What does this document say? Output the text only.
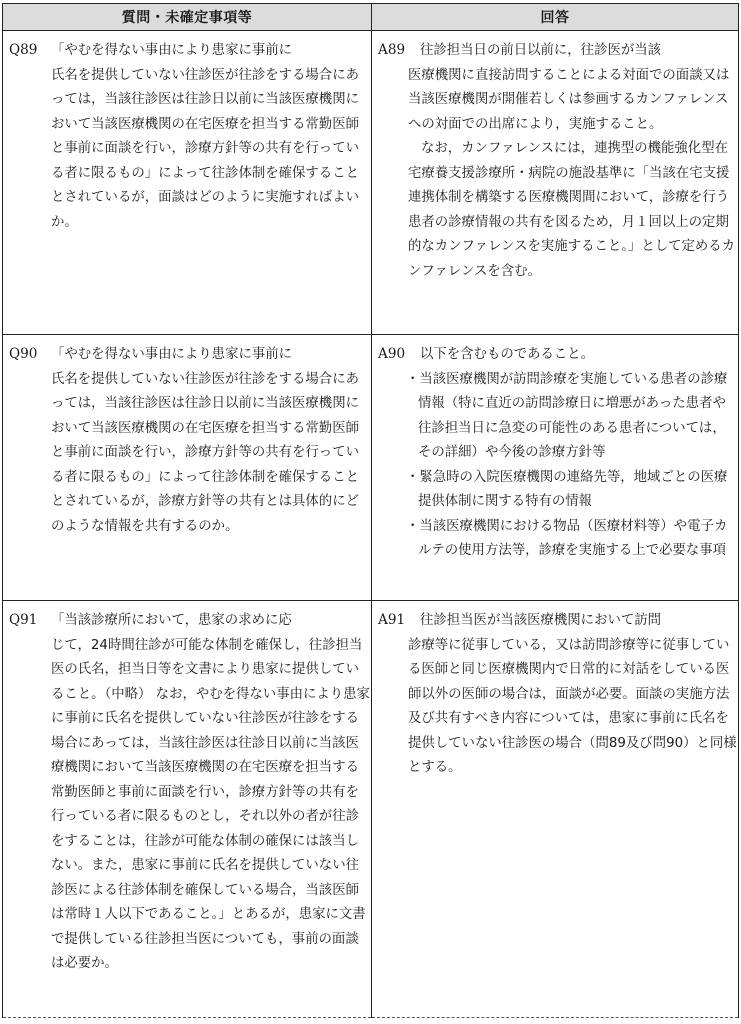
質問・未確定事項等	回答

Q89 「やむを得ない事由により患家に事前に
氏名を提供していない往診医が往診をする場合にあっては，当該往診医は往診日以前に当該医療機関において当該医療機関の在宅医療を担当する常勤医師と事前に面談を行い，診療方針等の共有を行っている者に限るもの」によって往診体制を確保することとされているが，面談はどのように実施すればよいか。	A89 往診担当日の前日以前に，往診医が当該
医療機関に直接訪問することによる対面での面談又は当該医療機関が開催若しくは参画するカンファレンスへの対面での出席により，実施すること。
なお，カンファレンスには，連携型の機能強化型在宅療養支援診療所・病院の施設基準に「当該在宅支援連携体制を構築する医療機関間において，診療を行う患者の診療情報の共有を図るため，月１回以上の定期的なカンファレンスを実施すること。」として定めるカンファレンスを含む。

Q90 「やむを得ない事由により患家に事前に
氏名を提供していない往診医が往診をする場合にあっては，当該往診医は往診日以前に当該医療機関において当該医療機関の在宅医療を担当する常勤医師と事前に面談を行い，診療方針等の共有を行っている者に限るもの」によって往診体制を確保することとされているが，診療方針等の共有とは具体的にどのような情報を共有するのか。	A90 以下を含むものであること。
・当該医療機関が訪問診療を実施している患者の診療情報（特に直近の訪問診療日に増悪があった患者や往診担当日に急変の可能性のある患者については，その詳細）や今後の診療方針等
・緊急時の入院医療機関の連絡先等，地域ごとの医療提供体制に関する特有の情報
・当該医療機関における物品（医療材料等）や電子カルテの使用方法等，診療を実施する上で必要な事項

Q91 「当該診療所において，患家の求めに応
じて，24時間往診が可能な体制を確保し，往診担当医の氏名，担当日等を文書により患家に提供していること。（中略） なお，やむを得ない事由により患家に事前に氏名を提供していない往診医が往診をする場合にあっては，当該往診医は往診日以前に当該医療機関において当該医療機関の在宅医療を担当する常勤医師と事前に面談を行い，診療方針等の共有を行っている者に限るものとし，それ以外の者が往診をすることは，往診が可能な体制の確保には該当しない。また，患家に事前に氏名を提供していない往診医による往診体制を確保している場合，当該医師は常時１人以下であること。」とあるが，患家に文書で提供している往診担当医についても，事前の面談は必要か。	A91 往診担当医が当該医療機関において訪問
診療等に従事している，又は訪問診療等に従事している医師と同じ医療機関内で日常的に対話をしている医師以外の医師の場合は，面談が必要。面談の実施方法及び共有すべき内容については，患家に事前に氏名を提供していない往診医の場合（問89及び問90）と同様とする。
